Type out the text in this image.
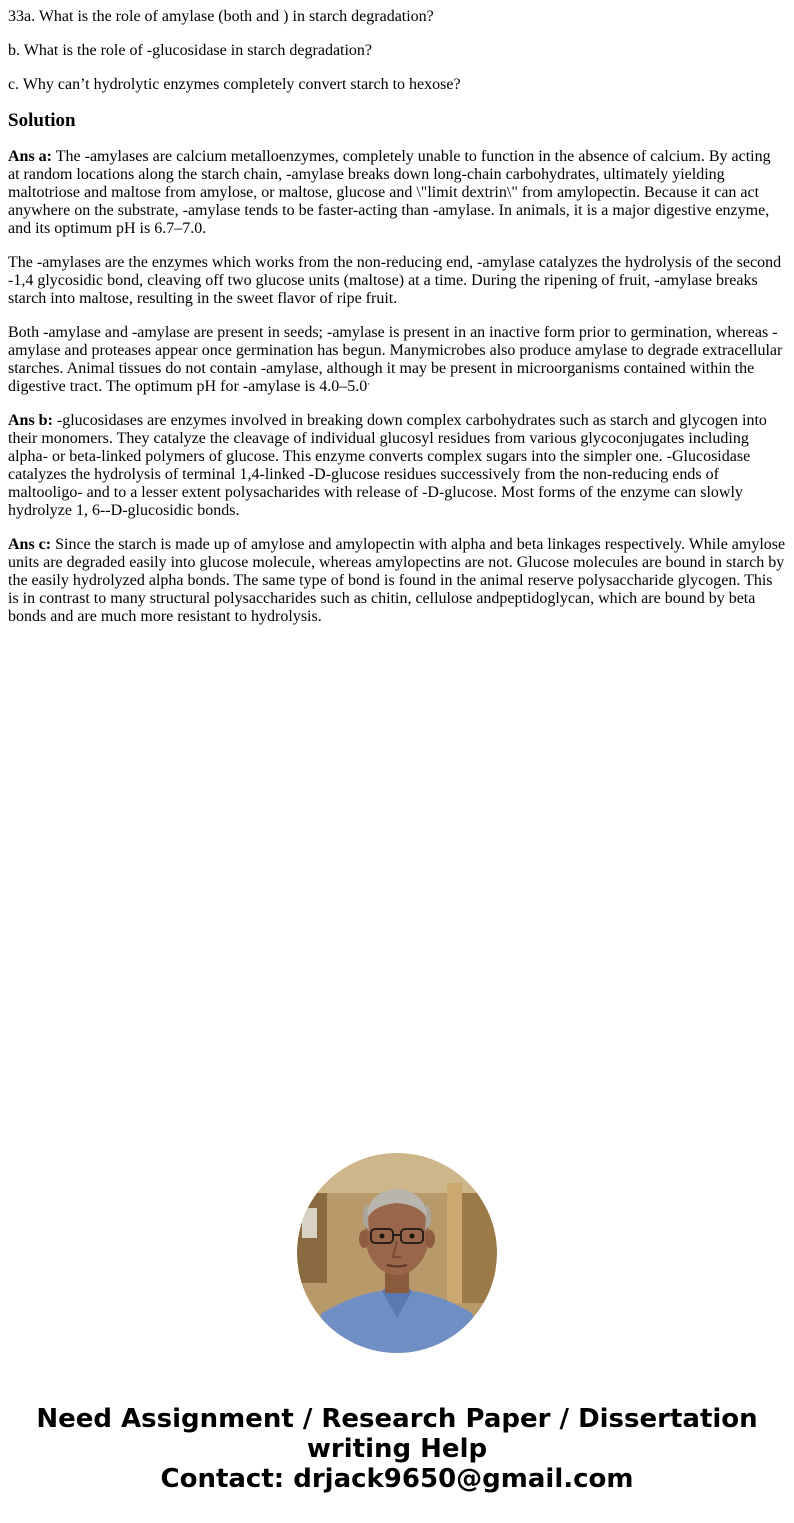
33a. What is the role of amylase (both and ) in starch degradation?

b. What is the role of -glucosidase in starch degradation?

c. Why can’t hydrolytic enzymes completely convert starch to hexose?

Solution

Ans a: The -amylases are calcium metalloenzymes, completely unable to function in the absence of calcium. By acting at random locations along the starch chain, -amylase breaks down long-chain carbohydrates, ultimately yielding maltotriose and maltose from amylose, or maltose, glucose and \"limit dextrin\" from amylopectin. Because it can act anywhere on the substrate, -amylase tends to be faster-acting than -amylase. In animals, it is a major digestive enzyme, and its optimum pH is 6.7–7.0.

The -amylases are the enzymes which works from the non-reducing end, -amylase catalyzes the hydrolysis of the second -1,4 glycosidic bond, cleaving off two glucose units (maltose) at a time. During the ripening of fruit, -amylase breaks starch into maltose, resulting in the sweet flavor of ripe fruit.

Both -amylase and -amylase are present in seeds; -amylase is present in an inactive form prior to germination, whereas -amylase and proteases appear once germination has begun. Manymicrobes also produce amylase to degrade extracellular starches. Animal tissues do not contain -amylase, although it may be present in microorganisms contained within the digestive tract. The optimum pH for -amylase is 4.0–5.0.

Ans b: -glucosidases are enzymes involved in breaking down complex carbohydrates such as starch and glycogen into their monomers. They catalyze the cleavage of individual glucosyl residues from various glycoconjugates including alpha- or beta-linked polymers of glucose. This enzyme converts complex sugars into the simpler one. -Glucosidase catalyzes the hydrolysis of terminal 1,4-linked -D-glucose residues successively from the non-reducing ends of maltooligo- and to a lesser extent polysacharides with release of -D-glucose. Most forms of the enzyme can slowly hydrolyze 1, 6--D-glucosidic bonds.

Ans c: Since the starch is made up of amylose and amylopectin with alpha and beta linkages respectively. While amylose units are degraded easily into glucose molecule, whereas amylopectins are not. Glucose molecules are bound in starch by the easily hydrolyzed alpha bonds. The same type of bond is found in the animal reserve polysaccharide glycogen. This is in contrast to many structural polysaccharides such as chitin, cellulose andpeptidoglycan, which are bound by beta bonds and are much more resistant to hydrolysis.

Need Assignment / Research Paper / Dissertation
writing Help
Contact: drjack9650@gmail.com
